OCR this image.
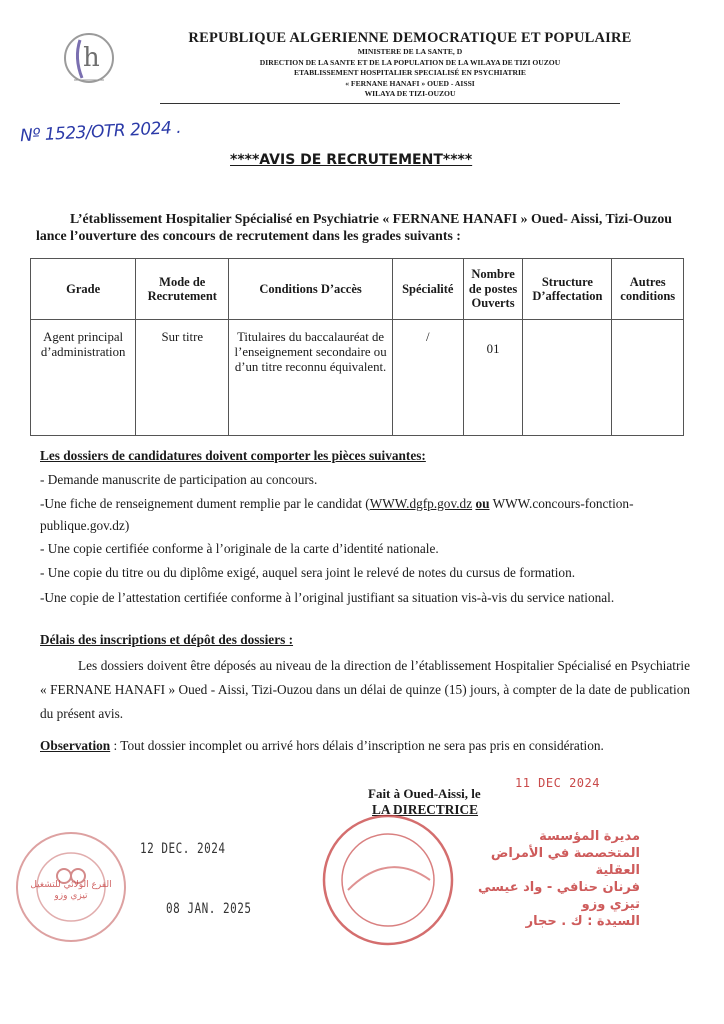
h
REPUBLIQUE ALGERIENNE DEMOCRATIQUE ET POPULAIRE
MINISTERE DE LA SANTE, D
DIRECTION DE LA SANTE ET DE LA POPULATION DE LA WILAYA DE TIZI OUZOU
ETABLISSEMENT HOSPITALIER SPECIALISÉ EN PSYCHIATRIE
« FERNANE HANAFI » OUED - AISSI
WILAYA DE TIZI-OUZOU
Nº 1523/OTR 2024 .
****AVIS DE RECRUTEMENT****
L’établissement Hospitalier Spécialisé en Psychiatrie « FERNANE HANAFI » Oued- Aissi, Tizi-Ouzou lance l’ouverture des concours de recrutement dans les grades suivants :
Grade	Mode de Recrutement	Conditions D’accès	Spécialité	Nombre de postes Ouverts	Structure D’affectation	Autres conditions
Agent principal d’administration	Sur titre	Titulaires du baccalauréat de l’enseignement secondaire ou d’un titre reconnu équivalent.	/	01		
Les dossiers de candidatures doivent comporter les pièces suivantes:
- Demande manuscrite de participation au concours.
-Une fiche de renseignement dument remplie par le candidat (WWW.dgfp.gov.dz ou WWW.concours-fonction-publique.gov.dz)
- Une copie certifiée conforme à l’originale de la carte d’identité nationale.
- Une copie du titre ou du diplôme exigé, auquel sera joint le relevé de notes du cursus de formation.
-Une copie de l’attestation certifiée conforme à l’original justifiant sa situation vis-à-vis du service national.
Délais des inscriptions et dépôt des dossiers :
Les dossiers doivent être déposés au niveau de la direction de l’établissement Hospitalier Spécialisé en Psychiatrie « FERNANE HANAFI » Oued - Aissi, Tizi-Ouzou dans un délai de quinze (15) jours, à compter de la date de publication du présent avis.
Observation : Tout dossier incomplet ou arrivé hors délais d’inscription ne sera pas pris en considération.
Fait à Oued-Aissi, le
LA DIRECTRICE
11 DEC 2024
مديرة المؤسسة
المتخصصة في الأمراض العقلية
فرنان حنافي - واد عيسي
تيزي وزو
السيدة : ك . حجار
الفرع الولائي للتشغيل تيزي وزو
12 DEC. 2024
08 JAN. 2025
